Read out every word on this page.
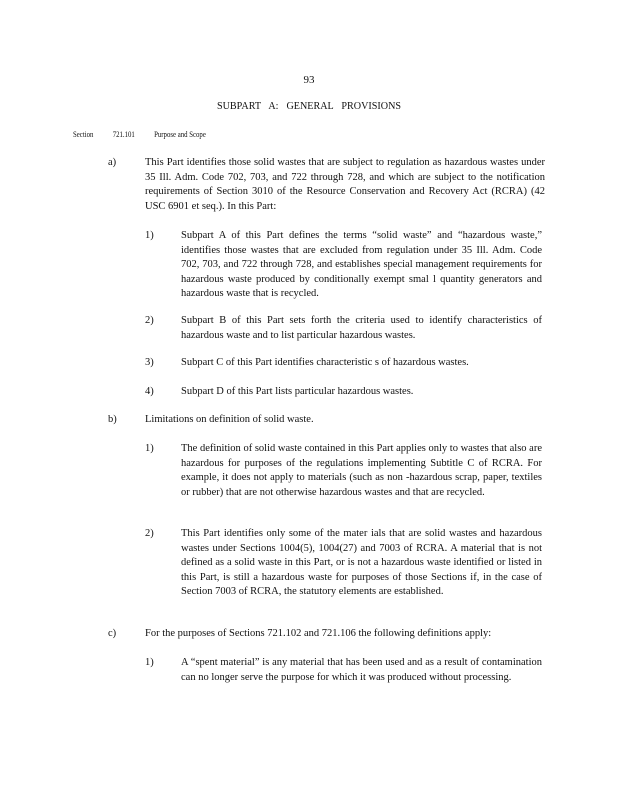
93
SUBPART A: GENERAL PROVISIONS
Section 721.101 Purpose and Scope
a)	This Part identifies those solid wastes that are subject to regulation as hazardous wastes under 35 Ill. Adm. Code 702, 703, and 722 through 728, and which are subject to the notification requirements of Section 3010 of the Resource Conservation and Recovery Act (RCRA) (42 USC 6901 et seq.). In this Part:
1)	Subpart A of this Part defines the terms “solid waste” and “hazardous waste,” identifies those wastes that are excluded from regulation under 35 Ill. Adm. Code 702, 703, and 722 through 728, and establishes special management requirements for hazardous waste produced by conditionally exempt smal l quantity generators and hazardous waste that is recycled.
2)	Subpart B of this Part sets forth the criteria used to identify characteristics of hazardous waste and to list particular hazardous wastes.
3)	Subpart C of this Part identifies characteristic s of hazardous wastes.
4)	Subpart D of this Part lists particular hazardous wastes.
b)	Limitations on definition of solid waste.
1)	The definition of solid waste contained in this Part applies only to wastes that also are hazardous for purposes of the regulations implementing Subtitle C of RCRA. For example, it does not apply to materials (such as non -hazardous scrap, paper, textiles or rubber) that are not otherwise hazardous wastes and that are recycled.
2)	This Part identifies only some of the mater ials that are solid wastes and hazardous wastes under Sections 1004(5), 1004(27) and 7003 of RCRA. A material that is not defined as a solid waste in this Part, or is not a hazardous waste identified or listed in this Part, is still a hazardous waste for purposes of those Sections if, in the case of Section 7003 of RCRA, the statutory elements are established.
c)	For the purposes of Sections 721.102 and 721.106 the following definitions apply:
1)	A “spent material” is any material that has been used and as a result of contamination can no longer serve the purpose for which it was produced without processing.
